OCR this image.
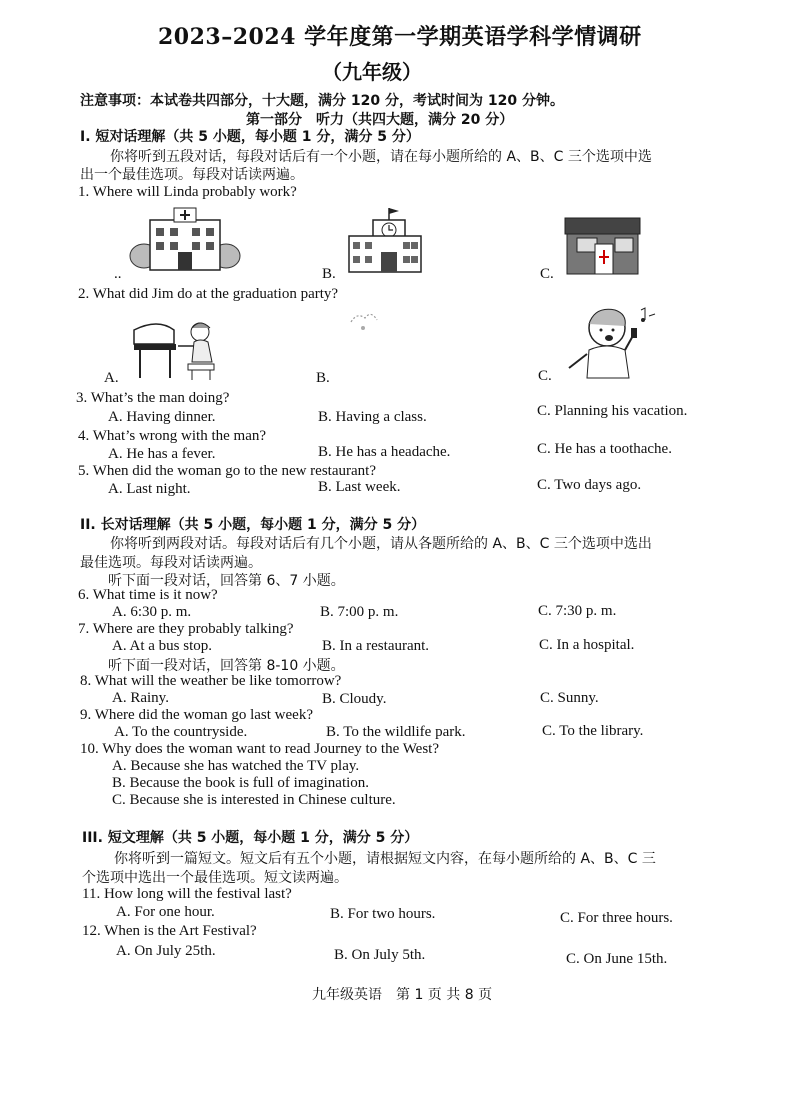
2023–2024 学年度第一学期英语学科学情调研
（九年级）
注意事项：本试卷共四部分，十大题，满分 120 分，考试时间为 120 分钟。
第一部分　听力（共四大题，满分 20 分）
I. 短对话理解（共 5 小题，每小题 1 分，满分 5 分）
你将听到五段对话，每段对话后有一个小题，请在每小题所给的 A、B、C 三个选项中选
出一个最佳选项。每段对话读两遍。
1. Where will Linda probably work?
..	B.	C.
2. What did Jim do at the graduation party?
A.	B.	C.
3. What’s the man doing?
A. Having dinner.	B. Having a class.	C. Planning his vacation.
4. What’s wrong with the man?
A. He has a fever.	B. He has a headache.	C. He has a toothache.
5. When did the woman go to the new restaurant?
A. Last night.	B. Last week.	C. Two days ago.
II. 长对话理解（共 5 小题，每小题 1 分，满分 5 分）
你将听到两段对话。每段对话后有几个小题，请从各题所给的 A、B、C 三个选项中选出
最佳选项。每段对话读两遍。
听下面一段对话，回答第 6、7 小题。
6. What time is it now?
A. 6:30 p. m.	B. 7:00 p. m.	C. 7:30 p. m.
7. Where are they probably talking?
A. At a bus stop.	B. In a restaurant.	C. In a hospital.
听下面一段对话，回答第 8-10 小题。
8. What will the weather be like tomorrow?
A. Rainy.	B. Cloudy.	C. Sunny.
9. Where did the woman go last week?
A. To the countryside.	B. To the wildlife park.	C. To the library.
10. Why does the woman want to read Journey to the West?
A. Because she has watched the TV play.
B. Because the book is full of imagination.
C. Because she is interested in Chinese culture.
III. 短文理解（共 5 小题，每小题 1 分，满分 5 分）
你将听到一篇短文。短文后有五个小题，请根据短文内容，在每小题所给的 A、B、C 三
个选项中选出一个最佳选项。短文读两遍。
11. How long will the festival last?
A. For one hour.	B. For two hours.	C. For three hours.
12. When is the Art Festival?
A. On July 25th.	B. On July 5th.	C. On June 15th.
九年级英语　第 1 页 共 8 页
